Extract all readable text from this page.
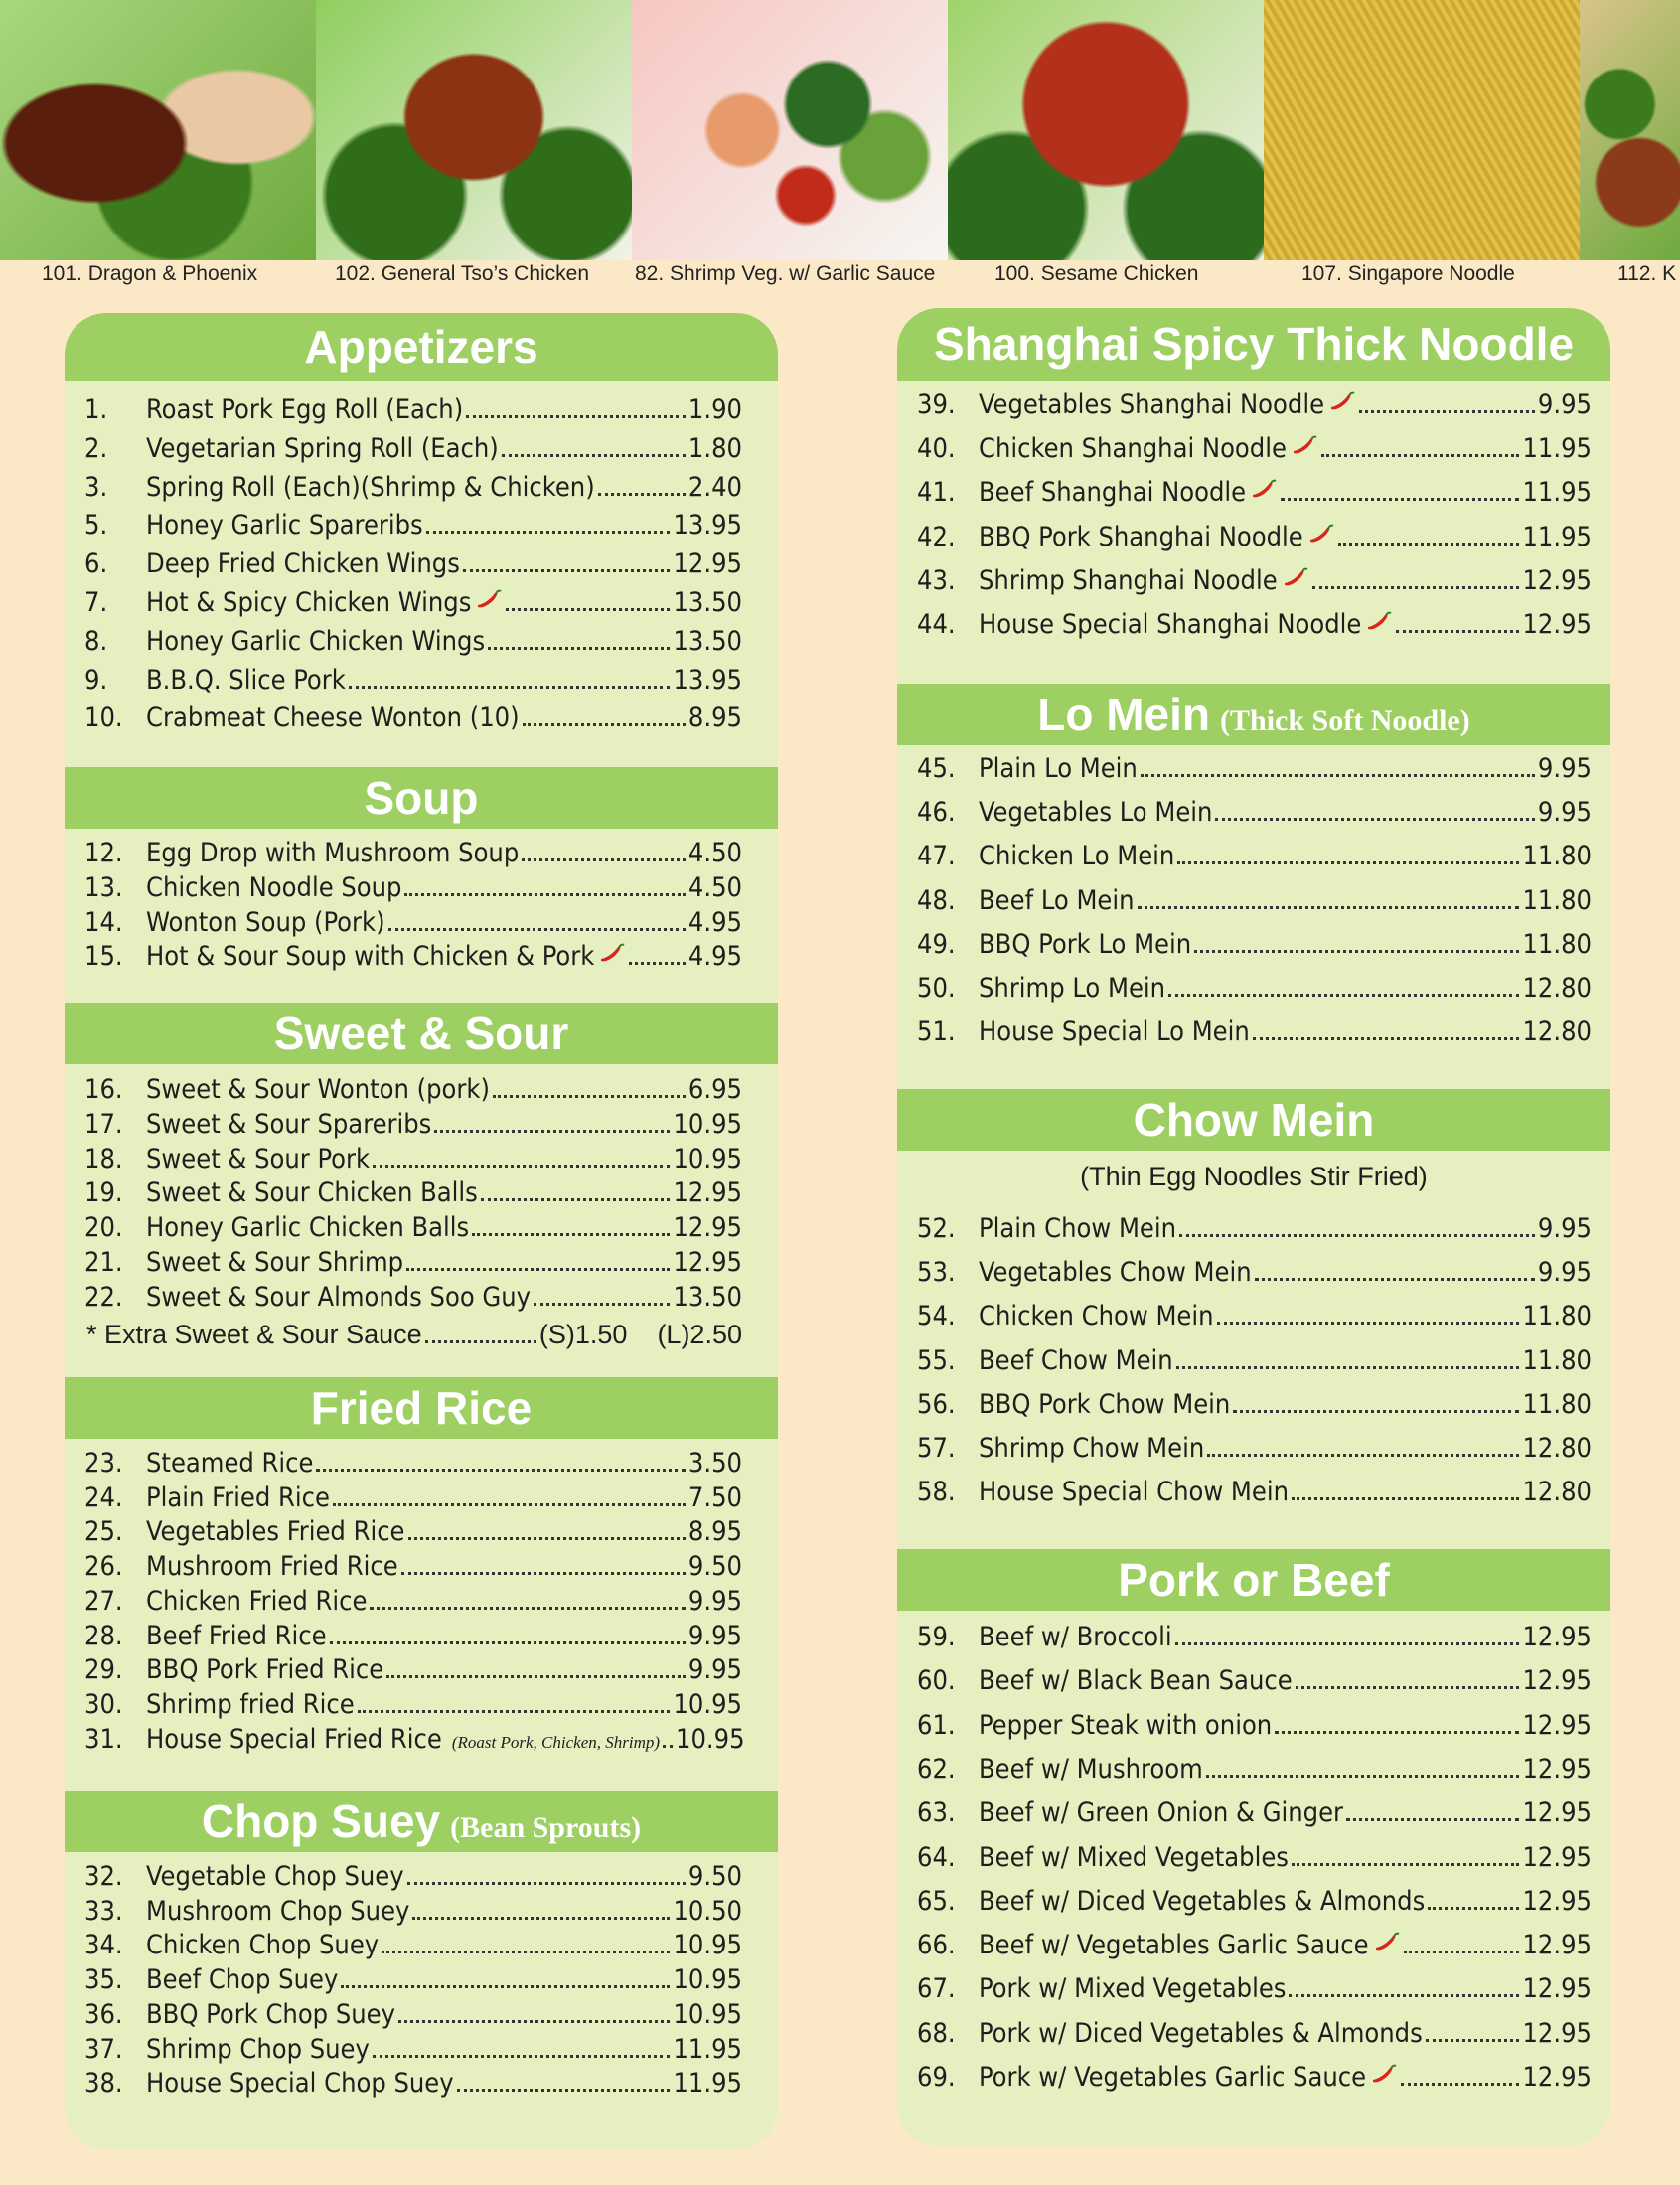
101. Dragon & Phoenix	102. General Tso’s Chicken 82. Shrimp Veg. w/ Garlic Sauce	100. Sesame Chicken	107. Singapore Noodle	112. K
Appetizers
1.	Roast Pork Egg Roll (Each)	1.90
2.	Vegetarian Spring Roll (Each)	1.80
3.	Spring Roll (Each)(Shrimp & Chicken)	2.40
5.	Honey Garlic Spareribs	13.95
6.	Deep Fried Chicken Wings	12.95
7.	Hot & Spicy Chicken Wings	13.50
8.	Honey Garlic Chicken Wings	13.50
9.	B.B.Q. Slice Pork	13.95
10. Crabmeat Cheese Wonton (10)	8.95
Soup
12. Egg Drop with Mushroom Soup	4.50
13. Chicken Noodle Soup	4.50
14. Wonton Soup (Pork)	4.95
15. Hot & Sour Soup with Chicken & Pork	4.95
Sweet & Sour
16. Sweet & Sour Wonton (pork)	6.95
17. Sweet & Sour Spareribs	10.95
18. Sweet & Sour Pork	10.95
19. Sweet & Sour Chicken Balls	12.95
20. Honey Garlic Chicken Balls	12.95
21. Sweet & Sour Shrimp	12.95
22. Sweet & Sour Almonds Soo Guy	13.50
* Extra Sweet & Sour Sauce	(S)1.50 (L)2.50
Fried Rice
23. Steamed Rice	3.50
24. Plain Fried Rice	7.50
25. Vegetables Fried Rice	8.95
26. Mushroom Fried Rice	9.50
27. Chicken Fried Rice	9.95
28. Beef Fried Rice	9.95
29. BBQ Pork Fried Rice	9.95
30. Shrimp fried Rice	10.95
31. House Special Fried Rice (Roast Pork, Chicken, Shrimp) 10.95
Chop Suey (Bean Sprouts)
32. Vegetable Chop Suey	9.50
33. Mushroom Chop Suey	10.50
34. Chicken Chop Suey	10.95
35. Beef Chop Suey	10.95
36. BBQ Pork Chop Suey	10.95
37. Shrimp Chop Suey	11.95
38. House Special Chop Suey	11.95
Shanghai Spicy Thick Noodle
39. Vegetables Shanghai Noodle	9.95
40. Chicken Shanghai Noodle	11.95
41. Beef Shanghai Noodle	11.95
42. BBQ Pork Shanghai Noodle	11.95
43. Shrimp Shanghai Noodle	12.95
44. House Special Shanghai Noodle	12.95
Lo Mein (Thick Soft Noodle)
45. Plain Lo Mein	9.95
46. Vegetables Lo Mein	9.95
47. Chicken Lo Mein	11.80
48. Beef Lo Mein	11.80
49. BBQ Pork Lo Mein	11.80
50. Shrimp Lo Mein	12.80
51. House Special Lo Mein	12.80
Chow Mein
(Thin Egg Noodles Stir Fried)
52. Plain Chow Mein	9.95
53. Vegetables Chow Mein	9.95
54. Chicken Chow Mein	11.80
55. Beef Chow Mein	11.80
56. BBQ Pork Chow Mein	11.80
57. Shrimp Chow Mein	12.80
58. House Special Chow Mein	12.80
Pork or Beef
59. Beef w/ Broccoli	12.95
60. Beef w/ Black Bean Sauce	12.95
61. Pepper Steak with onion	12.95
62. Beef w/ Mushroom	12.95
63. Beef w/ Green Onion & Ginger	12.95
64. Beef w/ Mixed Vegetables	12.95
65. Beef w/ Diced Vegetables & Almonds	12.95
66. Beef w/ Vegetables Garlic Sauce	12.95
67. Pork w/ Mixed Vegetables	12.95
68. Pork w/ Diced Vegetables & Almonds	12.95
69. Pork w/ Vegetables Garlic Sauce	12.95
